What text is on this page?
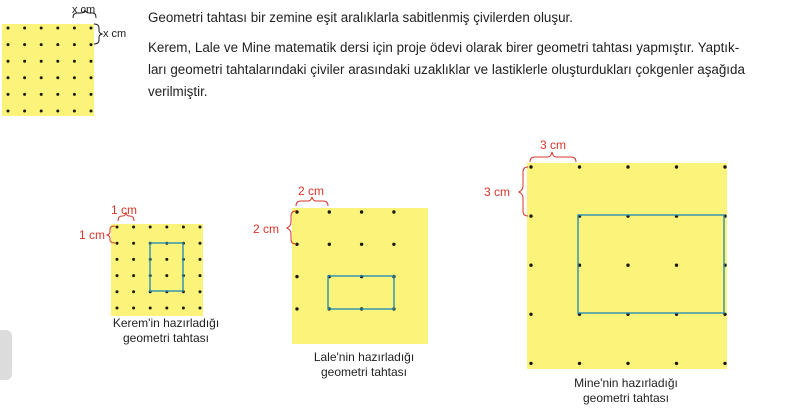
Geometri tahtası bir zemine eşit aralıklarla sabitlenmiş çivilerden oluşur.

Kerem, Lale ve Mine matematik dersi için proje ödevi olarak birer geometri tahtası yapmıştır. Yaptık-
ları geometri tahtalarındaki çiviler arasındaki uzaklıklar ve lastiklerle oluşturdukları çokgenler aşağıda
verilmiştir.
x cm
x cm
1 cm
1 cm
2 cm
2 cm
3 cm
3 cm
Kerem'in hazırladığı
geometri tahtası
Lale'nin hazırladığı
geometri tahtası
Mine'nin hazırladığı
geometri tahtası
